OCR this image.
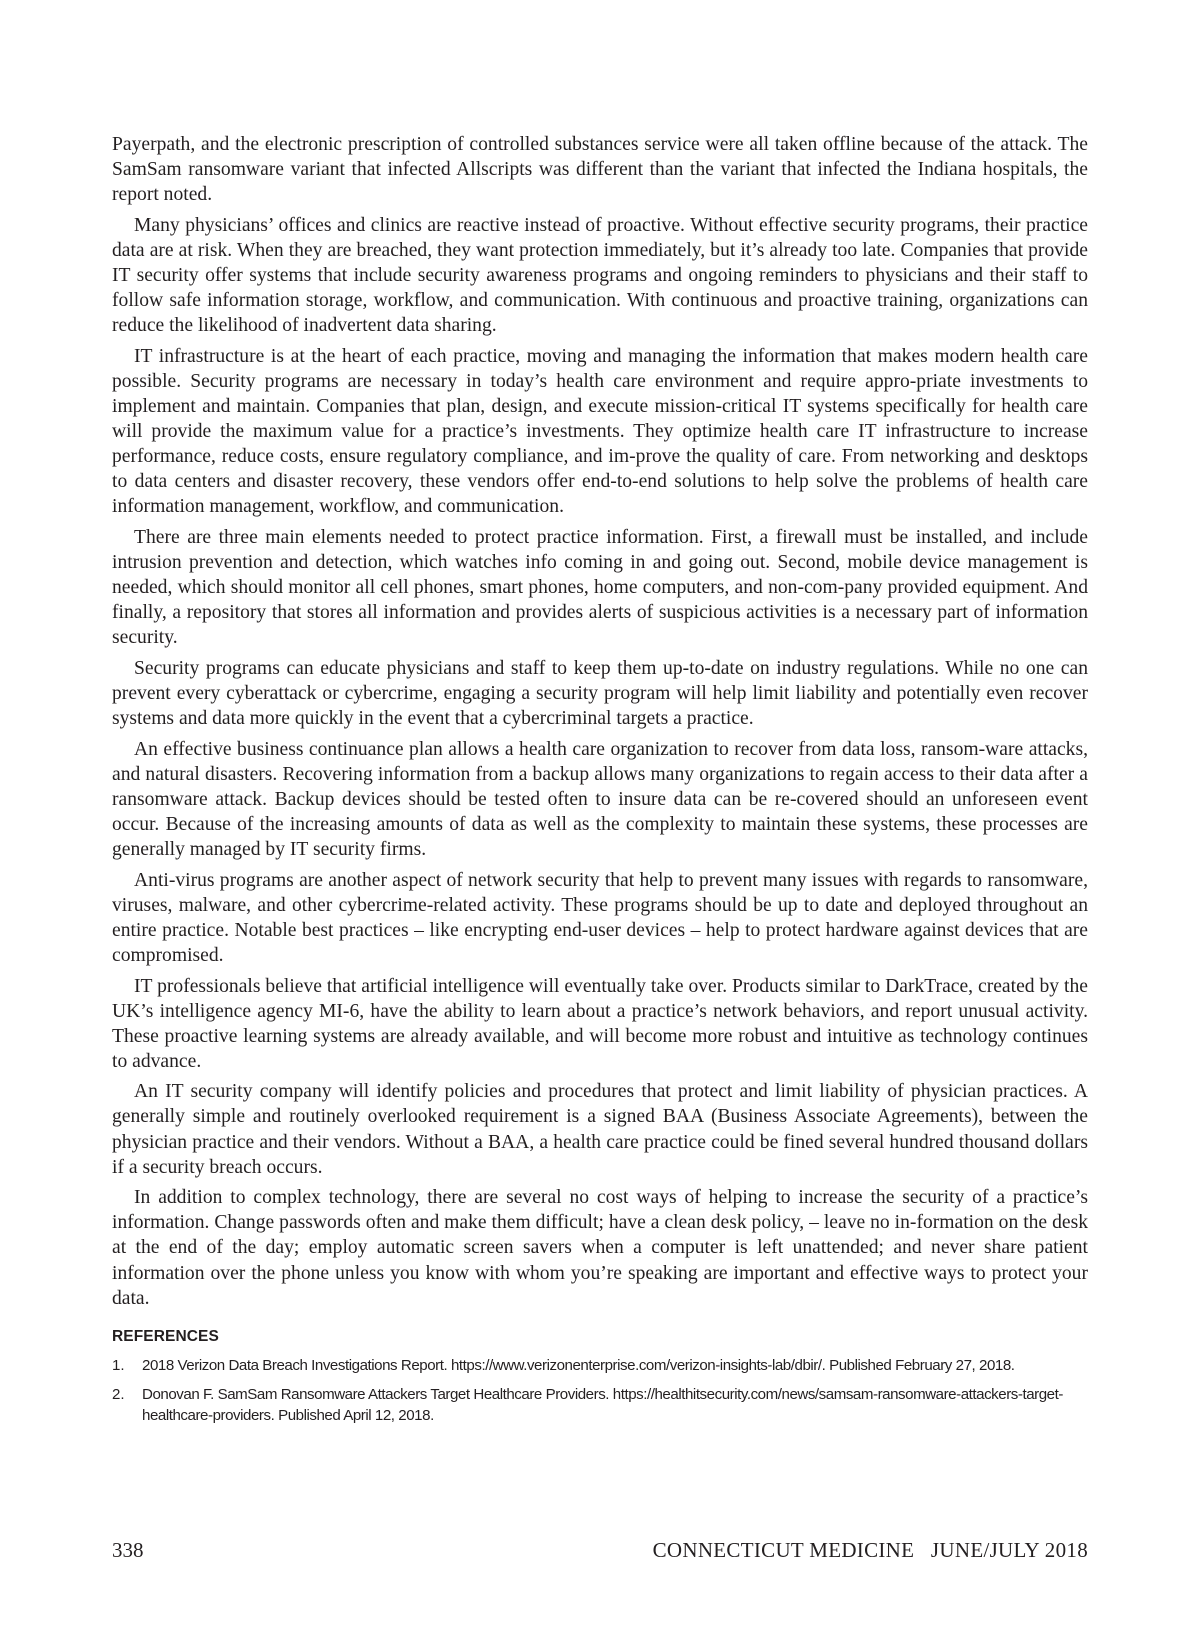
Payerpath, and the electronic prescription of controlled substances service were all taken offline because of the attack. The SamSam ransomware variant that infected Allscripts was different than the variant that infected the Indiana hospitals, the report noted.

Many physicians’ offices and clinics are reactive instead of proactive. Without effective security programs, their practice data are at risk. When they are breached, they want protection immediately, but it’s already too late. Companies that provide IT security offer systems that include security awareness programs and ongoing reminders to physicians and their staff to follow safe information storage, workflow, and communication. With continuous and proactive training, organizations can reduce the likelihood of inadvertent data sharing.

IT infrastructure is at the heart of each practice, moving and managing the information that makes modern health care possible. Security programs are necessary in today’s health care environment and require appro-priate investments to implement and maintain. Companies that plan, design, and execute mission-critical IT systems specifically for health care will provide the maximum value for a practice’s investments. They optimize health care IT infrastructure to increase performance, reduce costs, ensure regulatory compliance, and im-prove the quality of care. From networking and desktops to data centers and disaster recovery, these vendors offer end-to-end solutions to help solve the problems of health care information management, workflow, and communication.

There are three main elements needed to protect practice information. First, a firewall must be installed, and include intrusion prevention and detection, which watches info coming in and going out. Second, mobile device management is needed, which should monitor all cell phones, smart phones, home computers, and non-com-pany provided equipment. And finally, a repository that stores all information and provides alerts of suspicious activities is a necessary part of information security.

Security programs can educate physicians and staff to keep them up-to-date on industry regulations. While no one can prevent every cyberattack or cybercrime, engaging a security program will help limit liability and potentially even recover systems and data more quickly in the event that a cybercriminal targets a practice.

An effective business continuance plan allows a health care organization to recover from data loss, ransom-ware attacks, and natural disasters. Recovering information from a backup allows many organizations to regain access to their data after a ransomware attack. Backup devices should be tested often to insure data can be re-covered should an unforeseen event occur. Because of the increasing amounts of data as well as the complexity to maintain these systems, these processes are generally managed by IT security firms.

Anti-virus programs are another aspect of network security that help to prevent many issues with regards to ransomware, viruses, malware, and other cybercrime-related activity. These programs should be up to date and deployed throughout an entire practice. Notable best practices – like encrypting end-user devices – help to protect hardware against devices that are compromised.

IT professionals believe that artificial intelligence will eventually take over. Products similar to DarkTrace, created by the UK’s intelligence agency MI-6, have the ability to learn about a practice’s network behaviors, and report unusual activity. These proactive learning systems are already available, and will become more robust and intuitive as technology continues to advance.

An IT security company will identify policies and procedures that protect and limit liability of physician practices. A generally simple and routinely overlooked requirement is a signed BAA (Business Associate Agreements), between the physician practice and their vendors. Without a BAA, a health care practice could be fined several hundred thousand dollars if a security breach occurs.

In addition to complex technology, there are several no cost ways of helping to increase the security of a practice’s information. Change passwords often and make them difficult; have a clean desk policy, – leave no in-formation on the desk at the end of the day; employ automatic screen savers when a computer is left unattended; and never share patient information over the phone unless you know with whom you’re speaking are important and effective ways to protect your data.

REFERENCES
1.	2018 Verizon Data Breach Investigations Report. https://www.verizonenterprise.com/verizon-insights-lab/dbir/. Published February 27, 2018.
2.	Donovan F. SamSam Ransomware Attackers Target Healthcare Providers. https://healthitsecurity.com/news/samsam-ransomware-attackers-target-healthcare-providers. Published April 12, 2018.
338	CONNECTICUT MEDICINE   JUNE/JULY 2018
